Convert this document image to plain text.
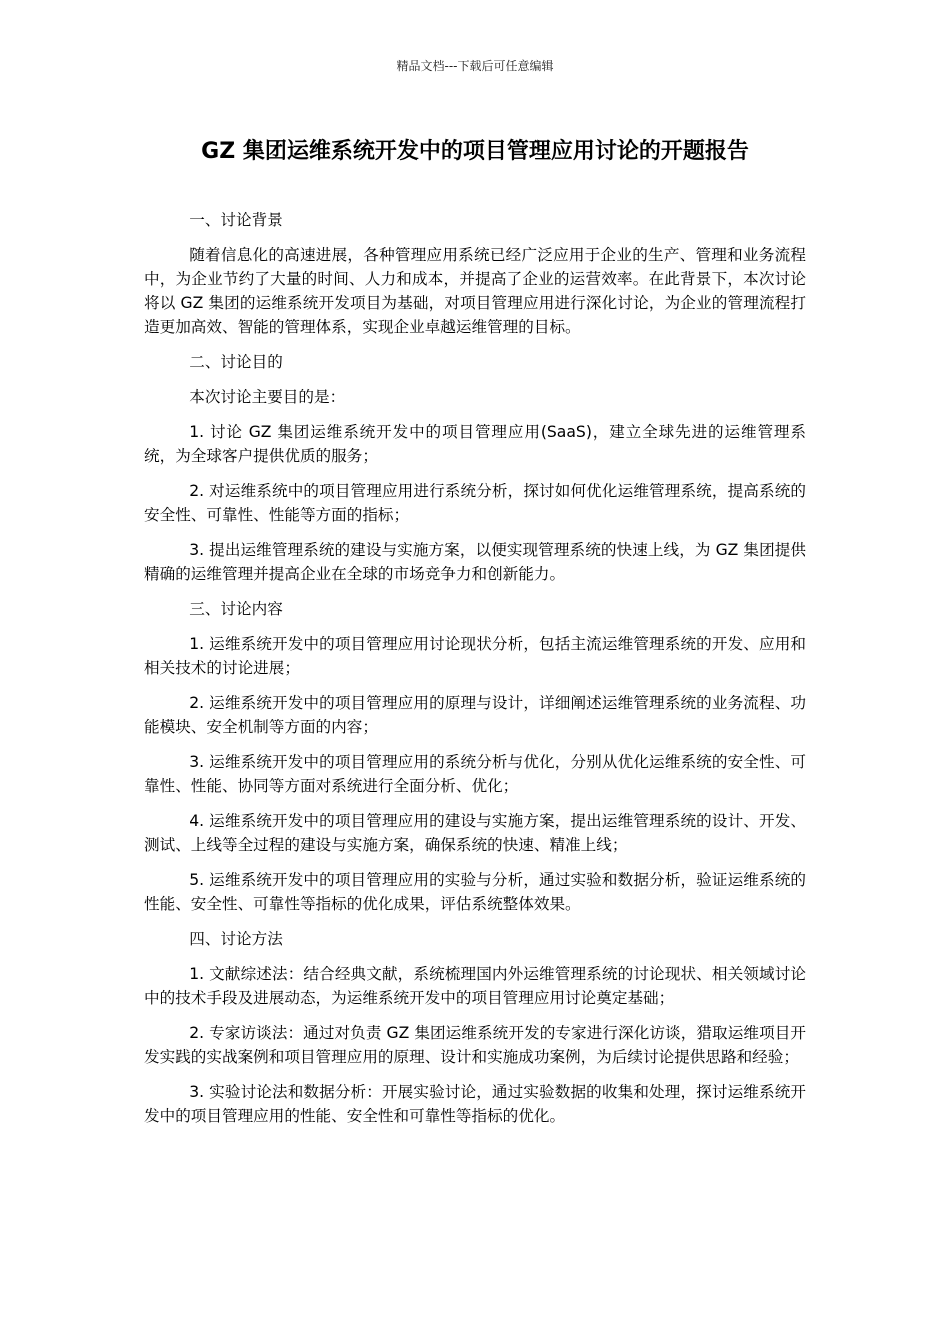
精品文档---下载后可任意编辑
GZ 集团运维系统开发中的项目管理应用讨论的开题报告

一、讨论背景

随着信息化的高速进展，各种管理应用系统已经广泛应用于企业的生产、管理和业务流程中，为企业节约了大量的时间、人力和成本，并提高了企业的运营效率。在此背景下，本次讨论将以 GZ 集团的运维系统开发项目为基础，对项目管理应用进行深化讨论，为企业的管理流程打造更加高效、智能的管理体系，实现企业卓越运维管理的目标。

二、讨论目的

本次讨论主要目的是：

1. 讨论 GZ 集团运维系统开发中的项目管理应用(SaaS)，建立全球先进的运维管理系统，为全球客户提供优质的服务；

2. 对运维系统中的项目管理应用进行系统分析，探讨如何优化运维管理系统，提高系统的安全性、可靠性、性能等方面的指标；

3. 提出运维管理系统的建设与实施方案，以便实现管理系统的快速上线，为 GZ 集团提供精确的运维管理并提高企业在全球的市场竞争力和创新能力。

三、讨论内容

1. 运维系统开发中的项目管理应用讨论现状分析，包括主流运维管理系统的开发、应用和相关技术的讨论进展；

2. 运维系统开发中的项目管理应用的原理与设计，详细阐述运维管理系统的业务流程、功能模块、安全机制等方面的内容；

3. 运维系统开发中的项目管理应用的系统分析与优化，分别从优化运维系统的安全性、可靠性、性能、协同等方面对系统进行全面分析、优化；

4. 运维系统开发中的项目管理应用的建设与实施方案，提出运维管理系统的设计、开发、测试、上线等全过程的建设与实施方案，确保系统的快速、精准上线；

5. 运维系统开发中的项目管理应用的实验与分析，通过实验和数据分析，验证运维系统的性能、安全性、可靠性等指标的优化成果，评估系统整体效果。

四、讨论方法

1. 文献综述法：结合经典文献，系统梳理国内外运维管理系统的讨论现状、相关领域讨论中的技术手段及进展动态，为运维系统开发中的项目管理应用讨论奠定基础；

2. 专家访谈法：通过对负责 GZ 集团运维系统开发的专家进行深化访谈，猎取运维项目开发实践的实战案例和项目管理应用的原理、设计和实施成功案例，为后续讨论提供思路和经验；

3. 实验讨论法和数据分析：开展实验讨论，通过实验数据的收集和处理，探讨运维系统开发中的项目管理应用的性能、安全性和可靠性等指标的优化。
